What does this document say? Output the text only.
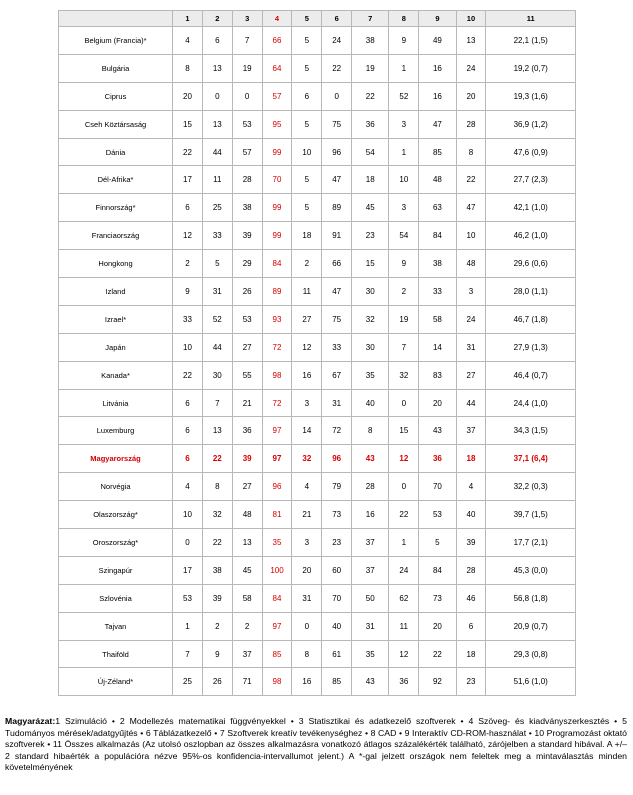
	1	2	3	4	5	6	7	8	9	10	11
Belgium (Francia)*	4	6	7	66	5	24	38	9	49	13	22,1 (1,5)
Bulgária	8	13	19	64	5	22	19	1	16	24	19,2 (0,7)
Ciprus	20	0	0	57	6	0	22	52	16	20	19,3 (1,6)
Cseh Köztársaság	15	13	53	95	5	75	36	3	47	28	36,9 (1,2)
Dánia	22	44	57	99	10	96	54	1	85	8	47,6 (0,9)
Dél-Afrika*	17	11	28	70	5	47	18	10	48	22	27,7 (2,3)
Finnország*	6	25	38	99	5	89	45	3	63	47	42,1 (1,0)
Franciaország	12	33	39	99	18	91	23	54	84	10	46,2 (1,0)
Hongkong	2	5	29	84	2	66	15	9	38	48	29,6 (0,6)
Izland	9	31	26	89	11	47	30	2	33	3	28,0 (1,1)
Izrael*	33	52	53	93	27	75	32	19	58	24	46,7 (1,8)
Japán	10	44	27	72	12	33	30	7	14	31	27,9 (1,3)
Kanada*	22	30	55	98	16	67	35	32	83	27	46,4 (0,7)
Litvánia	6	7	21	72	3	31	40	0	20	44	24,4 (1,0)
Luxemburg	6	13	36	97	14	72	8	15	43	37	34,3 (1,5)
Magyarország	6	22	39	97	32	96	43	12	36	18	37,1 (6,4)
Norvégia	4	8	27	96	4	79	28	0	70	4	32,2 (0,3)
Olaszország*	10	32	48	81	21	73	16	22	53	40	39,7 (1,5)
Oroszország*	0	22	13	35	3	23	37	1	5	39	17,7 (2,1)
Szingapúr	17	38	45	100	20	60	37	24	84	28	45,3 (0,0)
Szlovénia	53	39	58	84	31	70	50	62	73	46	56,8 (1,8)
Tajvan	1	2	2	97	0	40	31	11	20	6	20,9 (0,7)
Thaiföld	7	9	37	85	8	61	35	12	22	18	29,3 (0,8)
Új-Zéland*	25	26	71	98	16	85	43	36	92	23	51,6 (1,0)
Magyarázat:1 Szimuláció • 2 Modellezés matematikai függvényekkel • 3 Statisztikai és adatkezelő szoftverek • 4 Szöveg- és kiadványszerkesztés • 5 Tudományos mérések/adatgyűjtés • 6 Táblázatkezelő • 7 Szoftverek kreatív tevékenységhez • 8 CAD • 9 Interaktív CD-ROM-használat • 10 Programozást oktató szoftverek • 11 Összes alkalmazás (Az utolsó oszlopban az összes alkalmazásra vonatkozó átlagos százalékérték található, zárójelben a standard hibával. A +/– 2 standard hibaérték a populációra nézve 95%-os konfidencia-intervallumot jelent.) A *-gal jelzett országok nem feleltek meg a mintaválasztás minden követelményének
